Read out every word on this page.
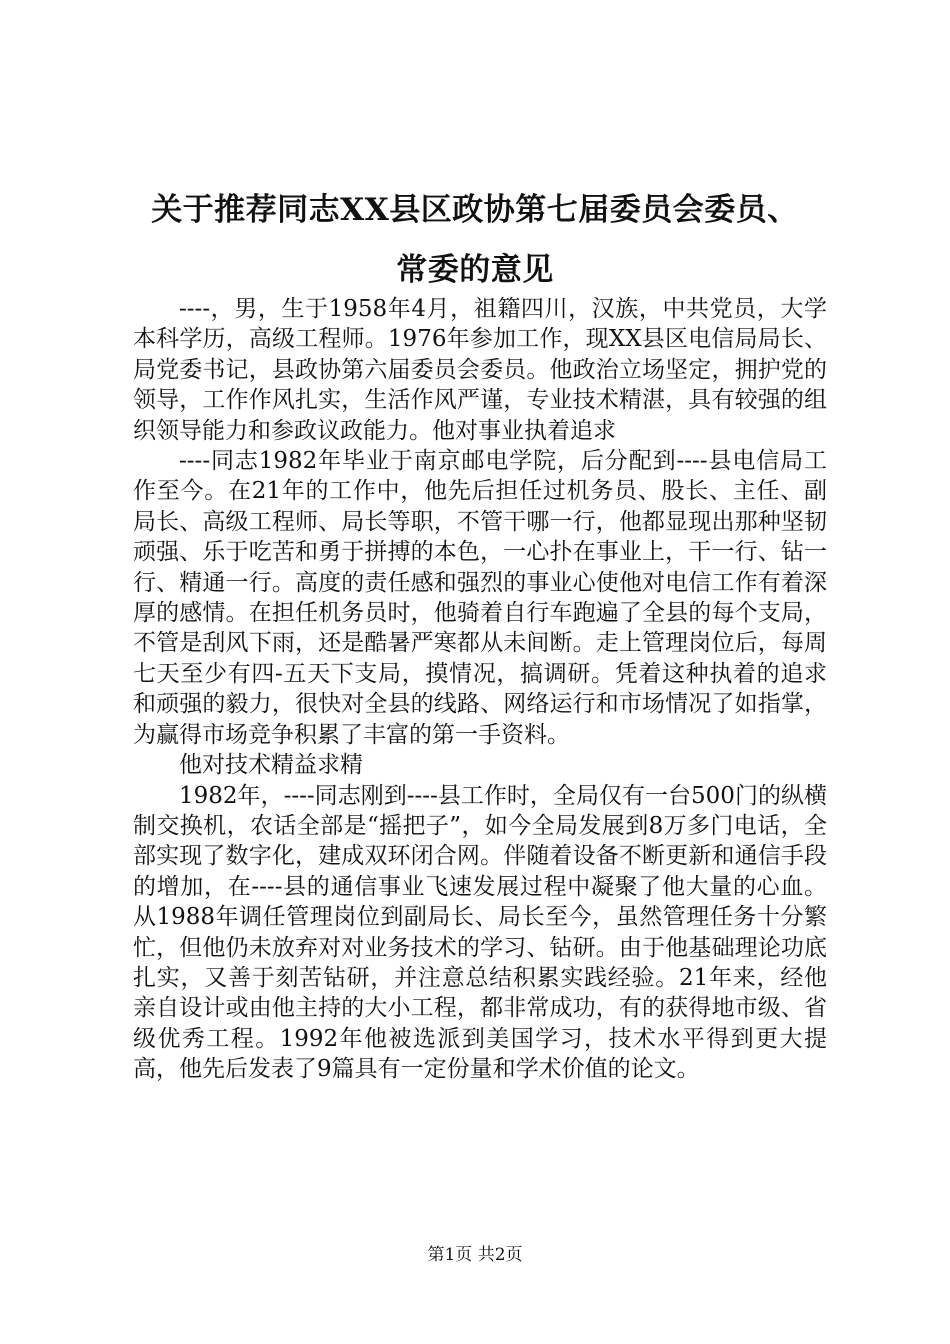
关于推荐同志XX县区政协第七届委员会委员、
常委的意见

----，男，生于1958年4月，祖籍四川，汉族，中共党员，大学本科学历，高级工程师。1976年参加工作，现XX县区电信局局长、局党委书记，县政协第六届委员会委员。他政治立场坚定，拥护党的领导，工作作风扎实，生活作风严谨，专业技术精湛，具有较强的组织领导能力和参政议政能力。他对事业执着追求

----同志1982年毕业于南京邮电学院，后分配到----县电信局工作至今。在21年的工作中，他先后担任过机务员、股长、主任、副局长、高级工程师、局长等职，不管干哪一行，他都显现出那种坚韧顽强、乐于吃苦和勇于拼搏的本色，一心扑在事业上，干一行、钻一行、精通一行。高度的责任感和强烈的事业心使他对电信工作有着深厚的感情。在担任机务员时，他骑着自行车跑遍了全县的每个支局，不管是刮风下雨，还是酷暑严寒都从未间断。走上管理岗位后，每周七天至少有四-五天下支局，摸情况，搞调研。凭着这种执着的追求和顽强的毅力，很快对全县的线路、网络运行和市场情况了如指掌，为赢得市场竞争积累了丰富的第一手资料。

他对技术精益求精

1982年，----同志刚到----县工作时，全局仅有一台500门的纵横制交换机，农话全部是“摇把子”，如今全局发展到8万多门电话，全部实现了数字化，建成双环闭合网。伴随着设备不断更新和通信手段的增加，在----县的通信事业飞速发展过程中凝聚了他大量的心血。从1988年调任管理岗位到副局长、局长至今，虽然管理任务十分繁忙，但他仍未放弃对对业务技术的学习、钻研。由于他基础理论功底扎实，又善于刻苦钻研，并注意总结积累实践经验。21年来，经他亲自设计或由他主持的大小工程，都非常成功，有的获得地市级、省级优秀工程。1992年他被选派到美国学习，技术水平得到更大提高，他先后发表了9篇具有一定份量和学术价值的论文。

第1页 共2页
